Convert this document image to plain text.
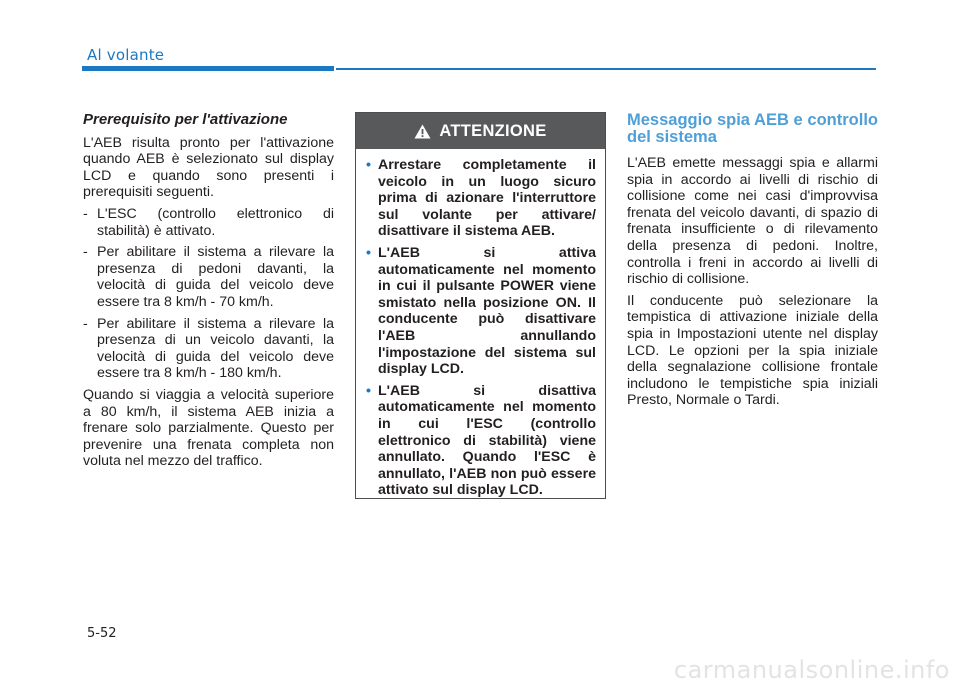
Al volante

Prerequisito per l'attivazione

L'AEB risulta pronto per l'attivazione quando AEB è selezionato sul display LCD e quando sono presenti i prerequisiti seguenti.

- L'ESC (controllo elettronico di stabilità) è attivato.
- Per abilitare il sistema a rilevare la presenza di pedoni davanti, la velocità di guida del veicolo deve essere tra 8 km/h - 70 km/h.
- Per abilitare il sistema a rilevare la presenza di un veicolo davanti, la velocità di guida del veicolo deve essere tra 8 km/h - 180 km/h.

Quando si viaggia a velocità superiore a 80 km/h, il sistema AEB inizia a frenare solo parzialmente. Questo per prevenire una frenata completa non voluta nel mezzo del traffico.

ATTENZIONE
• Arrestare completamente il veicolo in un luogo sicuro prima di azionare l'interruttore sul volante per attivare/ disattivare il sistema AEB.
• L'AEB si attiva automaticamente nel momento in cui il pulsante POWER viene smistato nella posizione ON. Il conducente può disattivare l'AEB annullando l'impostazione del sistema sul display LCD.
• L'AEB si disattiva automaticamente nel momento in cui l'ESC (controllo elettronico di stabilità) viene annullato. Quando l'ESC è annullato, l'AEB non può essere attivato sul display LCD.

Messaggio spia AEB e controllo del sistema

L'AEB emette messaggi spia e allarmi spia in accordo ai livelli di rischio di collisione come nei casi d'improvvisa frenata del veicolo davanti, di spazio di frenata insufficiente o di rilevamento della presenza di pedoni. Inoltre, controlla i freni in accordo ai livelli di rischio di collisione.

Il conducente può selezionare la tempistica di attivazione iniziale della spia in Impostazioni utente nel display LCD. Le opzioni per la spia iniziale della segnalazione collisione frontale includono le tempistiche spia iniziali Presto, Normale o Tardi.

5-52
carmanualsonline.info
